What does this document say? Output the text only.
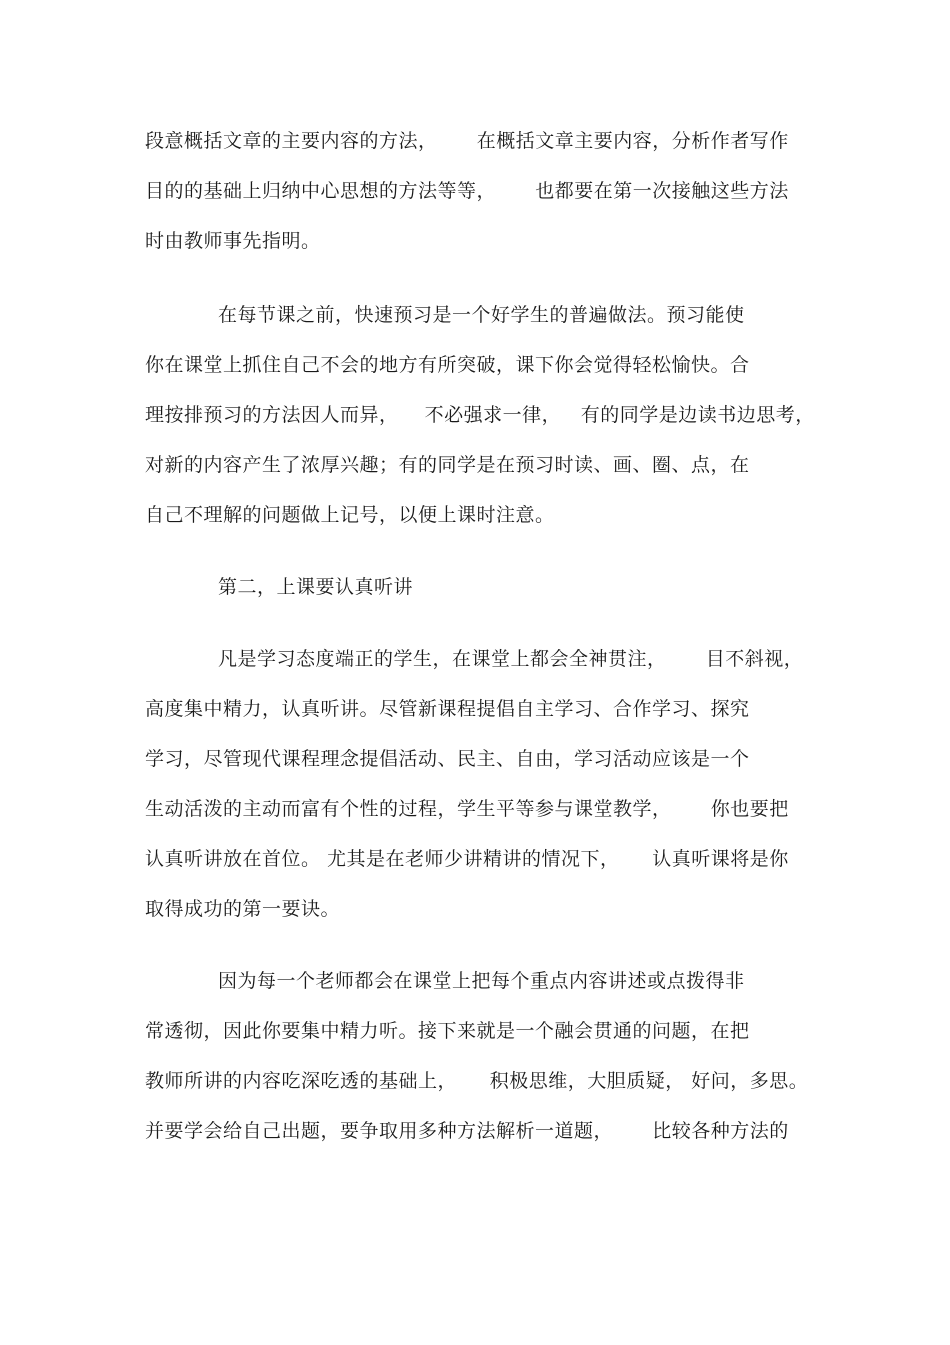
段意概括文章的主要内容的方法，      在概括文章主要内容，分析作者写作
目的的基础上归纳中心思想的方法等等，      也都要在第一次接触这些方法
时由教师事先指明。
在每节课之前，快速预习是一个好学生的普遍做法。预习能使
你在课堂上抓住自己不会的地方有所突破，课下你会觉得轻松愉快。合
理按排预习的方法因人而异，    不必强求一律，   有的同学是边读书边思考，
对新的内容产生了浓厚兴趣；有的同学是在预习时读、画、圈、点，在
自己不理解的问题做上记号，以便上课时注意。
第二，上课要认真听讲
凡是学习态度端正的学生，在课堂上都会全神贯注，      目不斜视，
高度集中精力，认真听讲。尽管新课程提倡自主学习、合作学习、探究
学习，尽管现代课程理念提倡活动、民主、自由，学习活动应该是一个
生动活泼的主动而富有个性的过程，学生平等参与课堂教学，      你也要把
认真听讲放在首位。 尤其是在老师少讲精讲的情况下，     认真听课将是你
取得成功的第一要诀。
因为每一个老师都会在课堂上把每个重点内容讲述或点拨得非
常透彻，因此你要集中精力听。接下来就是一个融会贯通的问题，在把
教师所讲的内容吃深吃透的基础上，     积极思维，大胆质疑， 好问，多思。
并要学会给自己出题，要争取用多种方法解析一道题，      比较各种方法的
